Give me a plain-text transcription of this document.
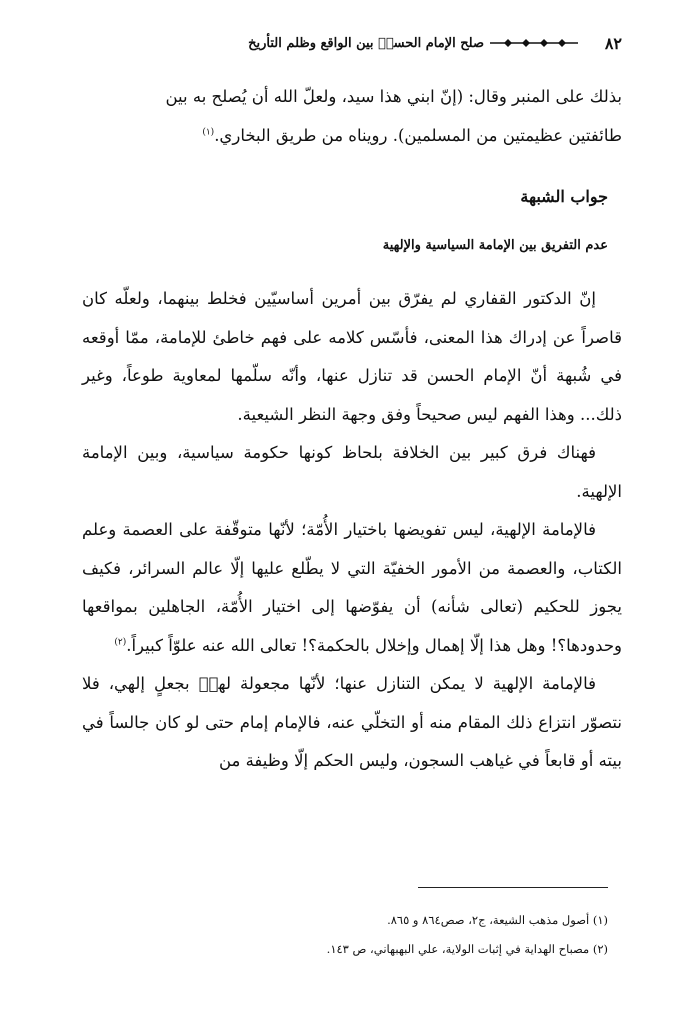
٨٢
صلح الإمام الحسنؑ بين الواقع وظلم التأريخ

بذلك على المنبر وقال: (إنّ ابني هذا سيد، ولعلّ الله أن يُصلح به بين

طائفتين عظيمتين من المسلمين). رويناه من طريق البخاري.$^{(١)}$

جواب الشبهة
عدم التفريق بين الإمامة السياسية والإلهية

إنّ الدكتور القفاري لم يفرّق بين أمرين أساسيّين فخلط بينهما، ولعلّه كان قاصراً عن إدراك هذا المعنى، فأسّس كلامه على فهم خاطئ للإمامة، ممّا أوقعه في شُبهة أنّ الإمام الحسن قد تنازل عنها، وأنّه سلّمها لمعاوية طوعاً، وغير ذلك... وهذا الفهم ليس صحيحاً وفق وجهة النظر الشيعية.

فهناك فرق كبير بين الخلافة بلحاظ كونها حكومة سياسية، وبين الإمامة الإلهية.

فالإمامة الإلهية، ليس تفويضها باختيار الأُمّة؛ لأنّها متوقّفة على العصمة وعلم الكتاب، والعصمة من الأمور الخفيّة التي لا يطّلع عليها إلّا عالم السرائر، فكيف يجوز للحكيم (تعالى شأنه) أن يفوّضها إلى اختيار الأُمّة، الجاهلين بمواقعها وحدودها؟! وهل هذا إلّا إهمال وإخلال بالحكمة؟! تعالى الله عنه علوّاً كبيراً.$^{(٢)}$

فالإمامة الإلهية لا يمكن التنازل عنها؛ لأنّها مجعولة لهمؑ بجعلٍ إلهي، فلا نتصوّر انتزاع ذلك المقام منه أو التخلّي عنه، فالإمام إمام حتى لو كان جالساً في بيته أو قابعاً في غياهب السجون، وليس الحكم إلّا وظيفة من

(١) أصول مذهب الشيعة، ج٢، صص٨٦٤ و ٨٦٥.
(٢) مصباح الهداية في إثبات الولاية، علي البهبهاني، ص ١٤٣.
